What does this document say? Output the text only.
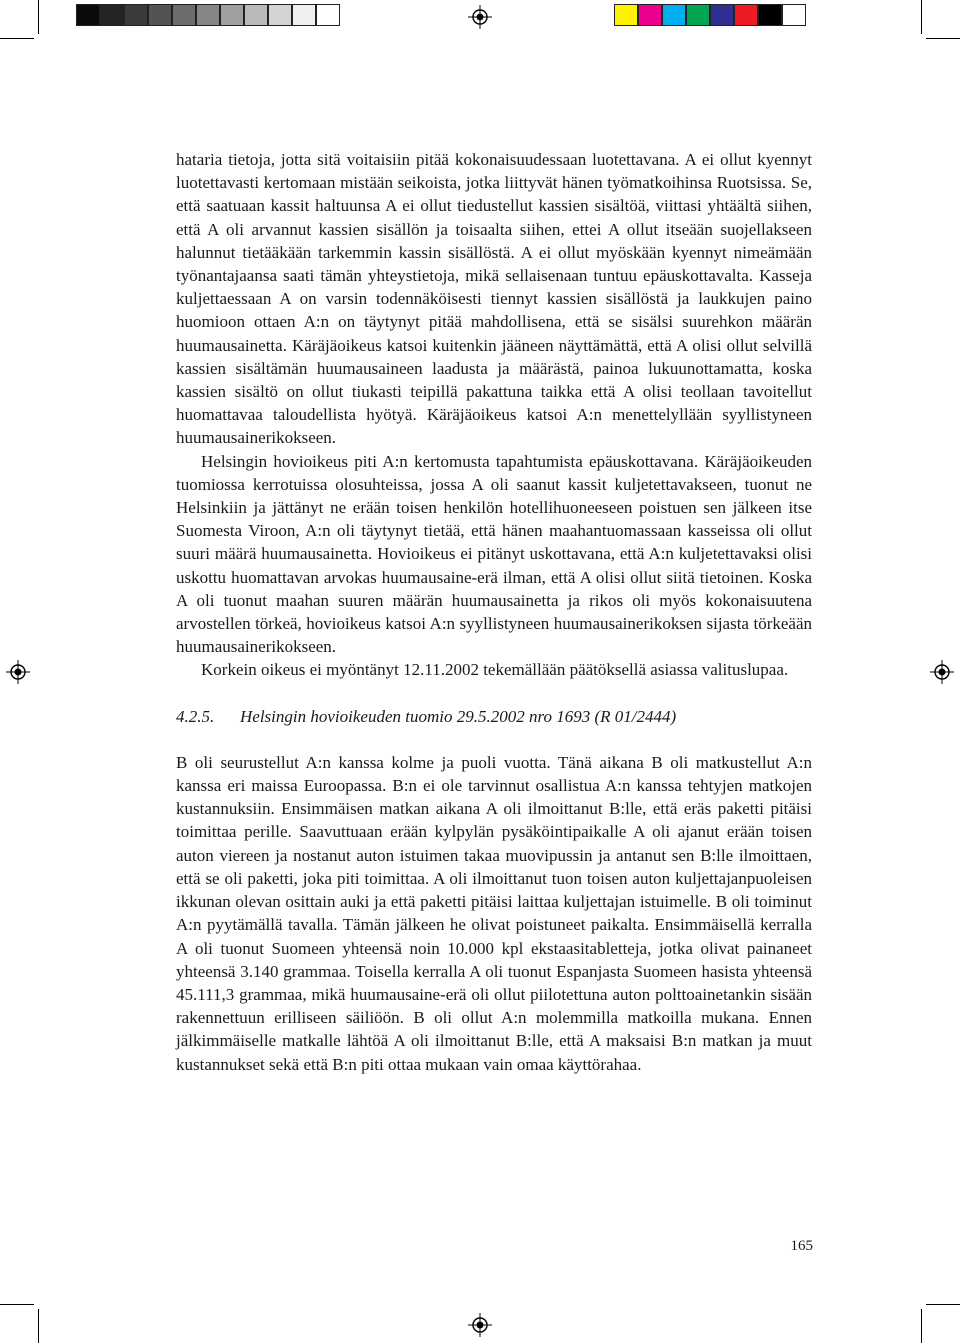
hataria tietoja, jotta sitä voitaisiin pitää kokonaisuudessaan luotettavana. A ei ollut kyennyt luotettavasti kertomaan mistään seikoista, jotka liittyvät hänen työmatkoihinsa Ruotsissa. Se, että saatuaan kassit haltuunsa A ei ollut tiedustellut kassien sisältöä, viittasi yhtäältä siihen, että A oli arvannut kassien sisällön ja toisaalta siihen, ettei A ollut itseään suojellakseen halunnut tietääkään tarkemmin kassin sisällöstä. A ei ollut myöskään kyennyt nimeämään työnantajaansa saati tämän yhteystietoja, mikä sellaisenaan tuntuu epäuskottavalta. Kasseja kuljettaessaan A on varsin todennäköisesti tiennyt kassien sisällöstä ja laukkujen paino huomioon ottaen A:n on täytynyt pitää mahdollisena, että se sisälsi suurehkon määrän huumausainetta. Käräjäoikeus katsoi kuitenkin jääneen näyttämättä, että A olisi ollut selvillä kassien sisältämän huumausaineen laadusta ja määrästä, painoa lukuunottamatta, koska kassien sisältö on ollut tiukasti teipillä pakattuna taikka että A olisi teollaan tavoitellut huomattavaa taloudellista hyötyä. Käräjäoikeus katsoi A:n menettelyllään syyllistyneen huumausainerikokseen.

Helsingin hovioikeus piti A:n kertomusta tapahtumista epäuskottavana. Käräjäoikeuden tuomiossa kerrotuissa olosuhteissa, jossa A oli saanut kassit kuljetettavakseen, tuonut ne Helsinkiin ja jättänyt ne erään toisen henkilön hotellihuoneeseen poistuen sen jälkeen itse Suomesta Viroon, A:n oli täytynyt tietää, että hänen maahantuomassaan kasseissa oli ollut suuri määrä huumausainetta. Hovioikeus ei pitänyt uskottavana, että A:n kuljetettavaksi olisi uskottu huomattavan arvokas huumausaine-erä ilman, että A olisi ollut siitä tietoinen. Koska A oli tuonut maahan suuren määrän huumausainetta ja rikos oli myös kokonaisuutena arvostellen törkeä, hovioikeus katsoi A:n syyllistyneen huumausainerikoksen sijasta törkeään huumausainerikokseen.

Korkein oikeus ei myöntänyt 12.11.2002 tekemällään päätöksellä asiassa valituslupaa.

4.2.5. Helsingin hovioikeuden tuomio 29.5.2002 nro 1693 (R 01/2444)

B oli seurustellut A:n kanssa kolme ja puoli vuotta. Tänä aikana B oli matkustellut A:n kanssa eri maissa Euroopassa. B:n ei ole tarvinnut osallistua A:n kanssa tehtyjen matkojen kustannuksiin. Ensimmäisen matkan aikana A oli ilmoittanut B:lle, että eräs paketti pitäisi toimittaa perille. Saavuttuaan erään kylpylän pysäköintipaikalle A oli ajanut erään toisen auton viereen ja nostanut auton istuimen takaa muovipussin ja antanut sen B:lle ilmoittaen, että se oli paketti, joka piti toimittaa. A oli ilmoittanut tuon toisen auton kuljettajanpuoleisen ikkunan olevan osittain auki ja että paketti pitäisi laittaa kuljettajan istuimelle. B oli toiminut A:n pyytämällä tavalla. Tämän jälkeen he olivat poistuneet paikalta. Ensimmäisellä kerralla A oli tuonut Suomeen yhteensä noin 10.000 kpl ekstaasitabletteja, jotka olivat painaneet yhteensä 3.140 grammaa. Toisella kerralla A oli tuonut Espanjasta Suomeen hasista yhteensä 45.111,3 grammaa, mikä huumausaine-erä oli ollut piilotettuna auton polttoainetankin sisään rakennettuun erilliseen säiliöön. B oli ollut A:n molemmilla matkoilla mukana. Ennen jälkimmäiselle matkalle lähtöä A oli ilmoittanut B:lle, että A maksaisi B:n matkan ja muut kustannukset sekä että B:n piti ottaa mukaan vain omaa käyttörahaa.

165
